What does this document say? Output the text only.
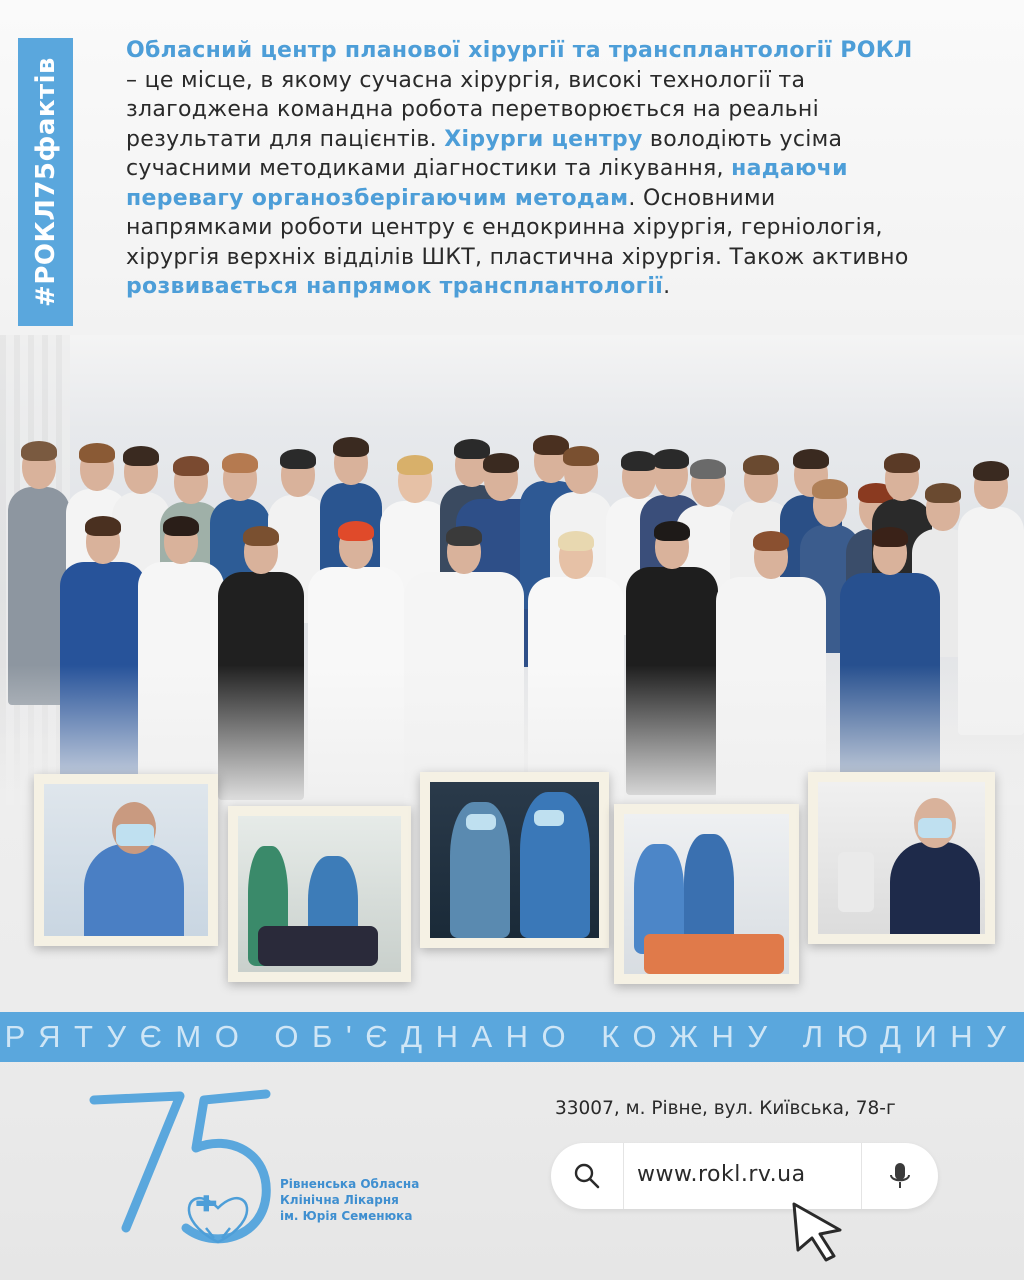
#РОКЛ75фактів
Обласний центр планової хірургії та трансплантології РОКЛ – це місце, в якому сучасна хірургія, високі технології та злагоджена командна робота перетворюється на реальні результати для пацієнтів. Хірурги центру володіють усіма сучасними методиками діагностики та лікування, надаючи перевагу органозберігаючим методам. Основними напрямками роботи центру є ендокринна хірургія, герніологія, хірургія верхніх відділів ШКТ, пластична хірургія. Також активно розвивається напрямок трансплантології.
РЯТУЄМО ОБ'ЄДНАНО КОЖНУ ЛЮДИНУ
Рівненська Обласна
Клінічна Лікарня
ім. Юрія Семенюка
33007, м. Рівне, вул. Київська, 78-г
www.rokl.rv.ua
